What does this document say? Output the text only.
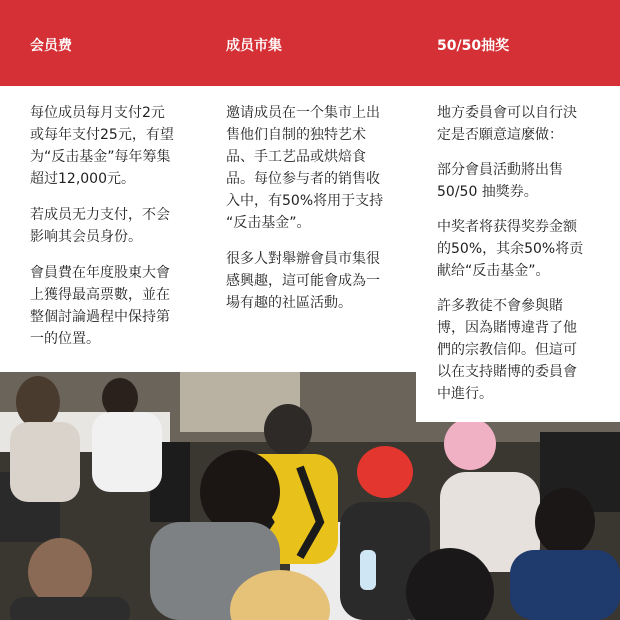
会员费	成员市集	50/50抽奖

每位成员每月支付2元
或每年支付25元，有望
为“反击基金”每年筹集
超过12,000元。

若成员无力支付，不会
影响其会员身份。

會員費在年度股東大會
上獲得最高票數，並在
整個討論過程中保持第
一的位置。

邀请成员在一个集市上出
售他们自制的独特艺术
品、手工艺品或烘焙食
品。每位参与者的销售收
入中，有50%将用于支持
“反击基金”。

很多人對舉辦會員市集很
感興趣，這可能會成為一
場有趣的社區活動。

地方委員會可以自行決
定是否願意這麼做：

部分會員活動將出售
50/50 抽獎券。

中奖者将获得奖券金额
的50%，其余50%将贡
献给“反击基金”。

許多教徒不會參與賭
博，因為賭博違背了他
們的宗教信仰。但這可
以在支持賭博的委員會
中進行。
